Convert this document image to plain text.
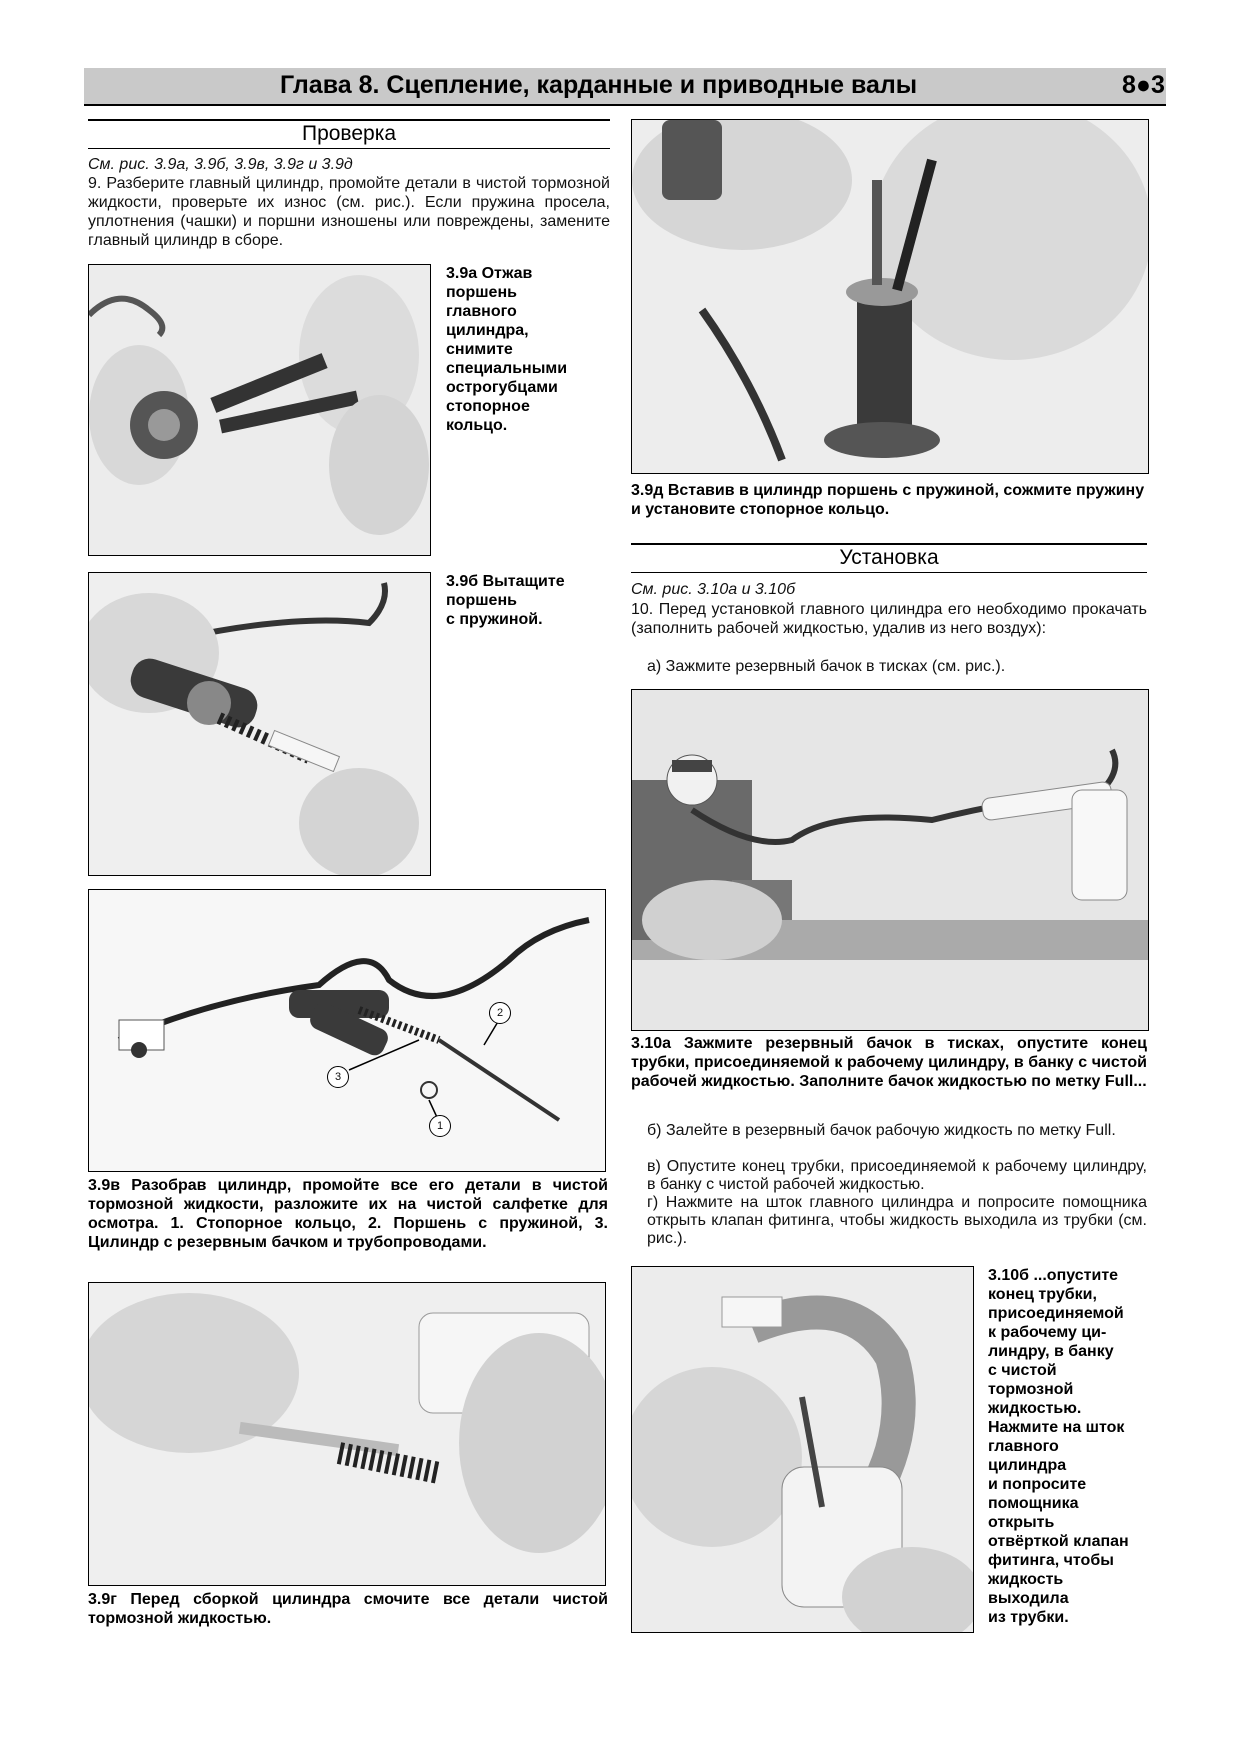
Глава 8. Сцепление, карданные и приводные валы	8●3
Проверка
См. рис. 3.9а, 3.9б, 3.9в, 3.9г и 3.9д
9. Разберите главный цилиндр, промойте детали в чистой тормозной жидкости, проверьте их износ (см. рис.). Если пружина просела, уплотнения (чашки) и поршни изношены или повреждены, замените главный цилиндр в сборе.
3.9а Отжав
поршень
главного
цилиндра,
снимите
специальными
острогубцами
стопорное
кольцо.
3.9б Вытащите
поршень
с пружиной.
1
2
3
3.9в Разобрав цилиндр, промойте все его детали в чистой тормозной жидкости, разложите их на чистой салфетке для осмотра. 1. Стопорное кольцо, 2. Поршень с пружиной, 3. Цилиндр с резервным бачком и трубопроводами.
3.9г Перед сборкой цилиндра смочите все детали чистой тормозной жидкостью.
3.9д Вставив в цилиндр поршень с пружиной, сожмите пружину и установите стопорное кольцо.
Установка
См. рис. 3.10а и 3.10б
10. Перед установкой главного цилиндра его необходимо прокачать (заполнить рабочей жидкостью, удалив из него воздух):
а) Зажмите резервный бачок в тисках (см. рис.).
3.10а Зажмите резервный бачок в тисках, опустите конец трубки, присоединяемой к рабочему цилиндру, в банку с чистой рабочей жидкостью. Заполните бачок жидкостью по метку Full...
б) Залейте в резервный бачок рабочую жидкость по метку Full.
в) Опустите конец трубки, присоединяемой к рабочему цилиндру, в банку с чистой рабочей жидкостью.
г) Нажмите на шток главного цилиндра и попросите помощника открыть клапан фитинга, чтобы жидкость выходила из трубки (см. рис.).
3.10б ...опустите
конец трубки,
присоединяемой
к рабочему ци-
линдру, в банку
с чистой
тормозной
жидкостью.
Нажмите на шток
главного
цилиндра
и попросите
помощника
открыть
отвёрткой клапан
фитинга, чтобы
жидкость
выходила
из трубки.
